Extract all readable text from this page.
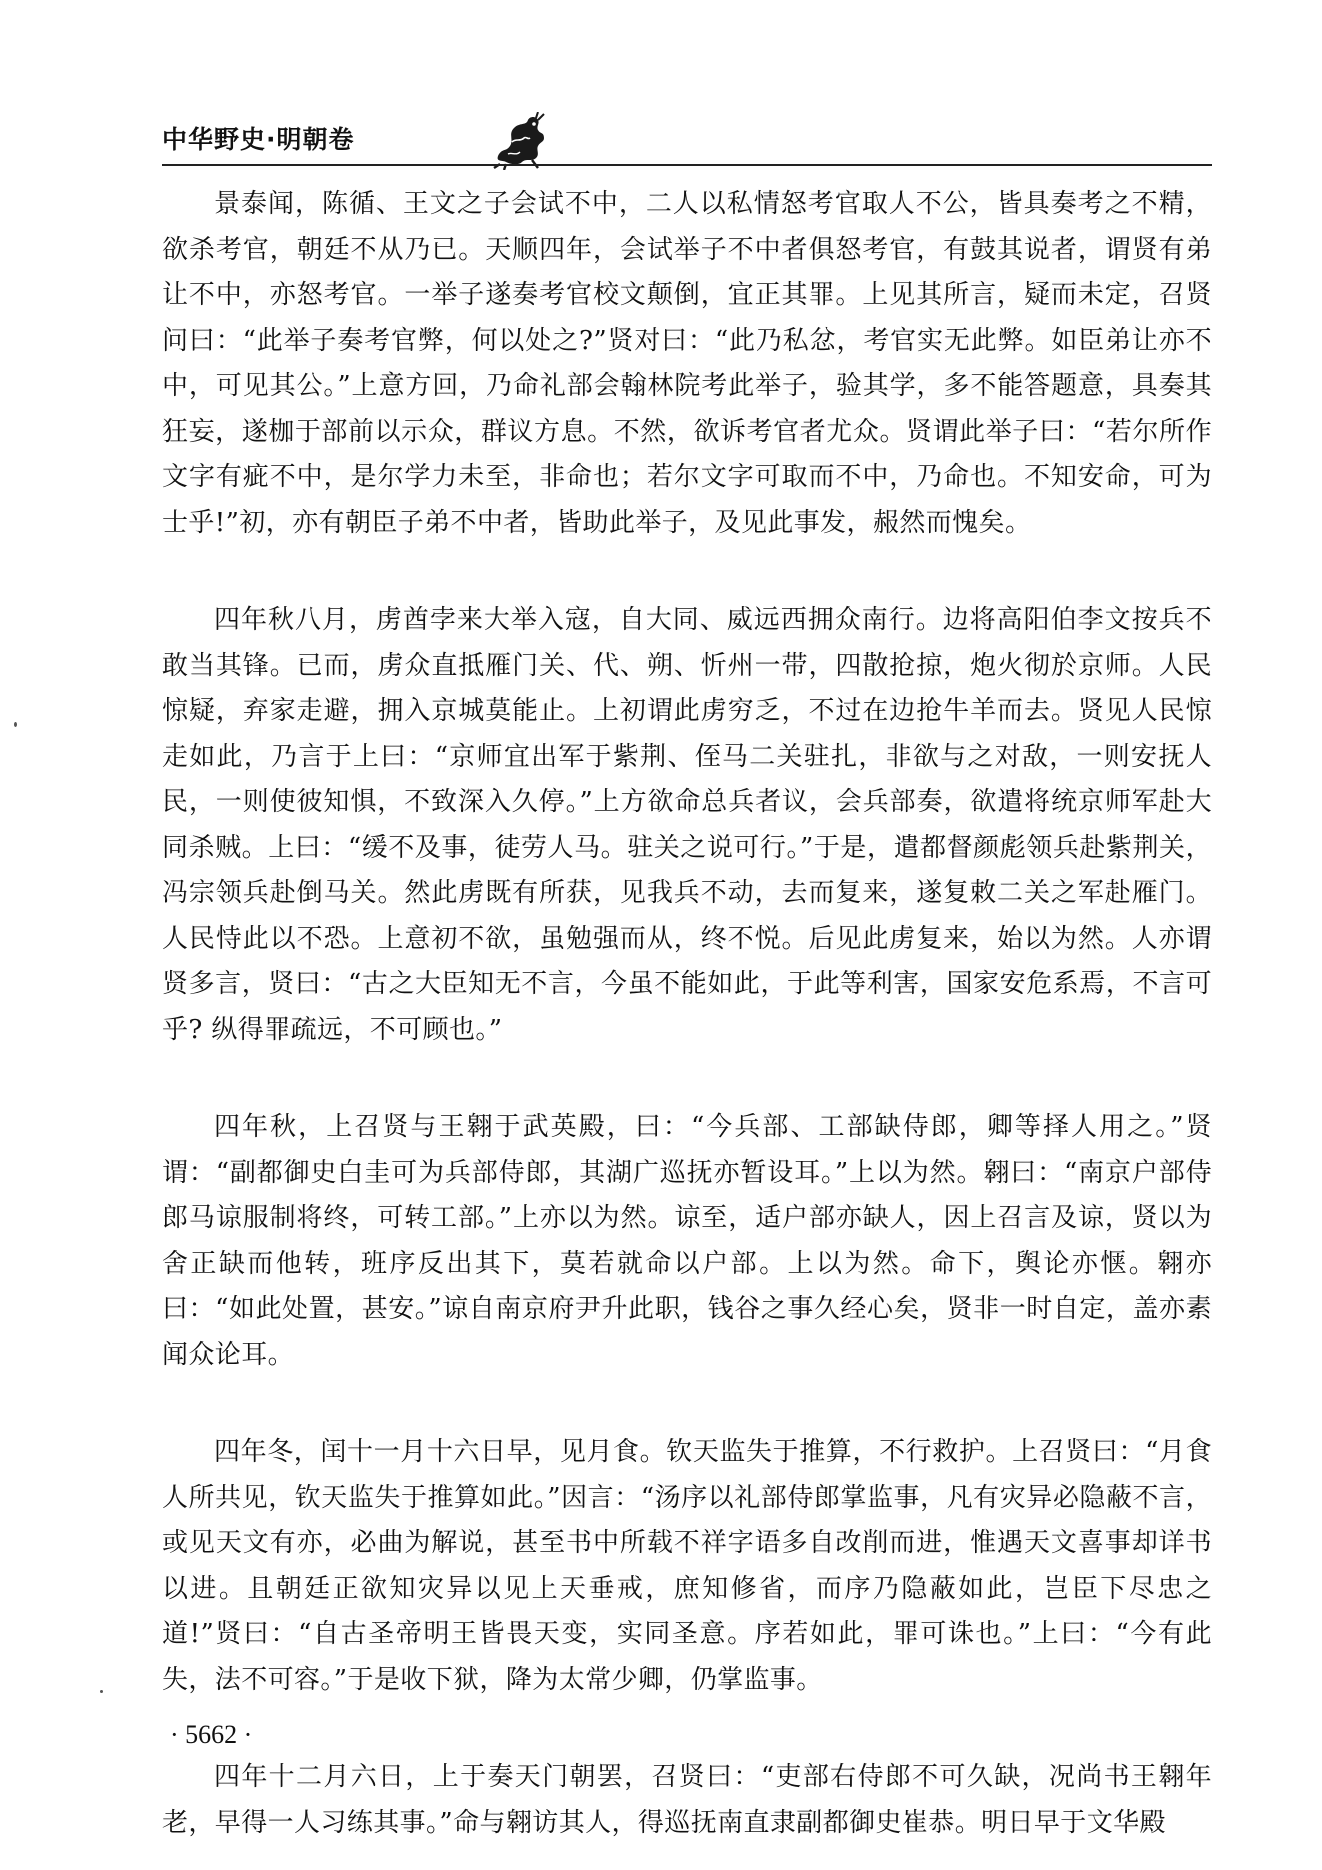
中华野史·明朝卷

景泰闻，陈循、王文之子会试不中，二人以私情怒考官取人不公，皆具奏考之不精，欲杀考官，朝廷不从乃已。天顺四年，会试举子不中者俱怒考官，有鼓其说者，谓贤有弟让不中，亦怒考官。一举子遂奏考官校文颠倒，宜正其罪。上见其所言，疑而未定，召贤问曰：“此举子奏考官弊，何以处之?”贤对曰：“此乃私忿，考官实无此弊。如臣弟让亦不中，可见其公。”上意方回，乃命礼部会翰林院考此举子，验其学，多不能答题意，具奏其狂妄，遂枷于部前以示众，群议方息。不然，欲诉考官者尤众。贤谓此举子曰：“若尔所作文字有疵不中，是尔学力未至，非命也；若尔文字可取而不中，乃命也。不知安命，可为士乎!”初，亦有朝臣子弟不中者，皆助此举子，及见此事发，赧然而愧矣。

四年秋八月，虏酋孛来大举入寇，自大同、威远西拥众南行。边将高阳伯李文按兵不敢当其锋。已而，虏众直抵雁门关、代、朔、忻州一带，四散抢掠，炮火彻於京师。人民惊疑，弃家走避，拥入京城莫能止。上初谓此虏穷乏，不过在边抢牛羊而去。贤见人民惊走如此，乃言于上曰：“京师宜出军于紫荆、侄马二关驻扎，非欲与之对敌，一则安抚人民，一则使彼知惧，不致深入久停。”上方欲命总兵者议，会兵部奏，欲遣将统京师军赴大同杀贼。上曰：“缓不及事，徒劳人马。驻关之说可行。”于是，遣都督颜彪领兵赴紫荆关，冯宗领兵赴倒马关。然此虏既有所获，见我兵不动，去而复来，遂复敕二关之军赴雁门。人民恃此以不恐。上意初不欲，虽勉强而从，终不悦。后见此虏复来，始以为然。人亦谓贤多言，贤曰：“古之大臣知无不言，今虽不能如此，于此等利害，国家安危系焉，不言可乎? 纵得罪疏远，不可顾也。”

四年秋，上召贤与王翱于武英殿，曰：“今兵部、工部缺侍郎，卿等择人用之。”贤谓：“副都御史白圭可为兵部侍郎，其湖广巡抚亦暂设耳。”上以为然。翱曰：“南京户部侍郎马谅服制将终，可转工部。”上亦以为然。谅至，适户部亦缺人，因上召言及谅，贤以为舍正缺而他转，班序反出其下，莫若就命以户部。上以为然。命下，舆论亦惬。翱亦曰：“如此处置，甚安。”谅自南京府尹升此职，钱谷之事久经心矣，贤非一时自定，盖亦素闻众论耳。

四年冬，闰十一月十六日早，见月食。钦天监失于推算，不行救护。上召贤曰：“月食人所共见，钦天监失于推算如此。”因言：“汤序以礼部侍郎掌监事，凡有灾异必隐蔽不言，或见天文有亦，必曲为解说，甚至书中所载不祥字语多自改削而进，惟遇天文喜事却详书以进。且朝廷正欲知灾异以见上天垂戒，庶知修省，而序乃隐蔽如此，岂臣下尽忠之道!”贤曰：“自古圣帝明王皆畏天变，实同圣意。序若如此，罪可诛也。”上曰：“今有此失，法不可容。”于是收下狱，降为太常少卿，仍掌监事。

四年十二月六日，上于奏天门朝罢，召贤曰：“吏部右侍郎不可久缺，况尚书王翱年老，早得一人习练其事。”命与翱访其人，得巡抚南直隶副都御史崔恭。明日早于文华殿

· 5662 ·
